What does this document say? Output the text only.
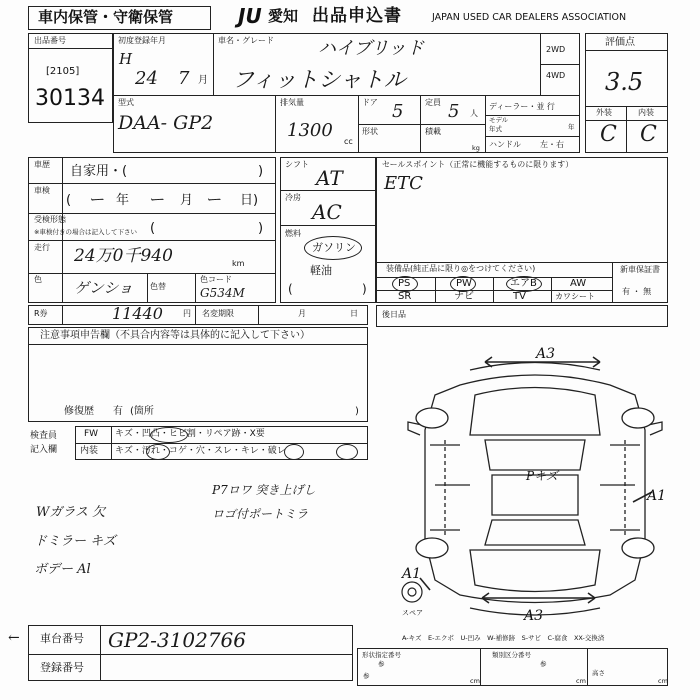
車内保管・守衛保管	JU 愛知 出品申込書	JAPAN USED CAR DEALERS ASSOCIATION
出品番号
[2105]
30134
初度登録年月
H
24 7 月
車名・グレード ハイブリッド
フィットシャトル
2WD
4WD
型式
DAA- GP2
排気量
1300
cc
ドア 5	定員 5 人
形状	積載
kg
ディーラー・並 行
モデル
年式	年
ハンドル 左・右
評価点
3.5
外装	内装
C C
車歴 自家用・(	)
車検
( ー 年 ー 月 ー 日)
受検形態
※車検付きの場合は記入して下さい (	)
走行 24万0千940	km
色 ゲンショ 色替
色コード
G534M
シフト
AT
冷房
AC
燃料
ガソリン
軽油
(	)
セールスポイント（正常に機能するものに限ります）
ETC
装備品(純正品に限り◎をつけてください)
PS	PW	エアB	AW
SR	ナビ	TV	カワシート
新車保証書
有 ・ 無
R券	11440	円 名変期限	月	日	後日品
注意事項申告欄（不具合内容等は具体的に記入して下さい）
修復歴 有 (箇所	)
検査員
記入欄
FW キズ・凹凸・ヒビ割・リペア跡・X要
内装 キズ・汚れ・コゲ・穴・スレ・キレ・破レ
Wガラス 欠
ドミラー キズ
ボデー Al
P7ロワ 突き上げし
ロゴ付ポートミラ
A3
A3
A1
A1
Pキズ
スペア
A-キズ　E-エクボ　U-凹み　W-補修跡　S-サビ　C-腐食　XX-交換済
← 車台番号 GP2-3102766
登録番号
形状指定番号
参
類別区分番号
参
参
cm	cm
高さ
cm
